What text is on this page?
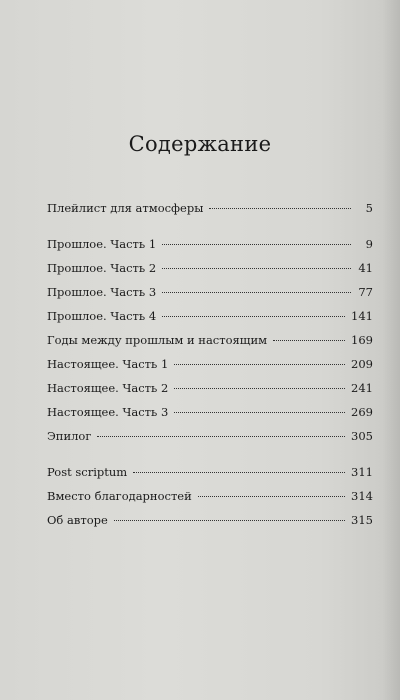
Содержание
Плейлист для атмосферы	5
Прошлое. Часть 1	9
Прошлое. Часть 2	41
Прошлое. Часть 3	77
Прошлое. Часть 4	141
Годы между прошлым и настоящим	169
Настоящее. Часть 1	209
Настоящее. Часть 2	241
Настоящее. Часть 3	269
Эпилог	305
Post scriptum	311
Вместо благодарностей	314
Об авторе	315
